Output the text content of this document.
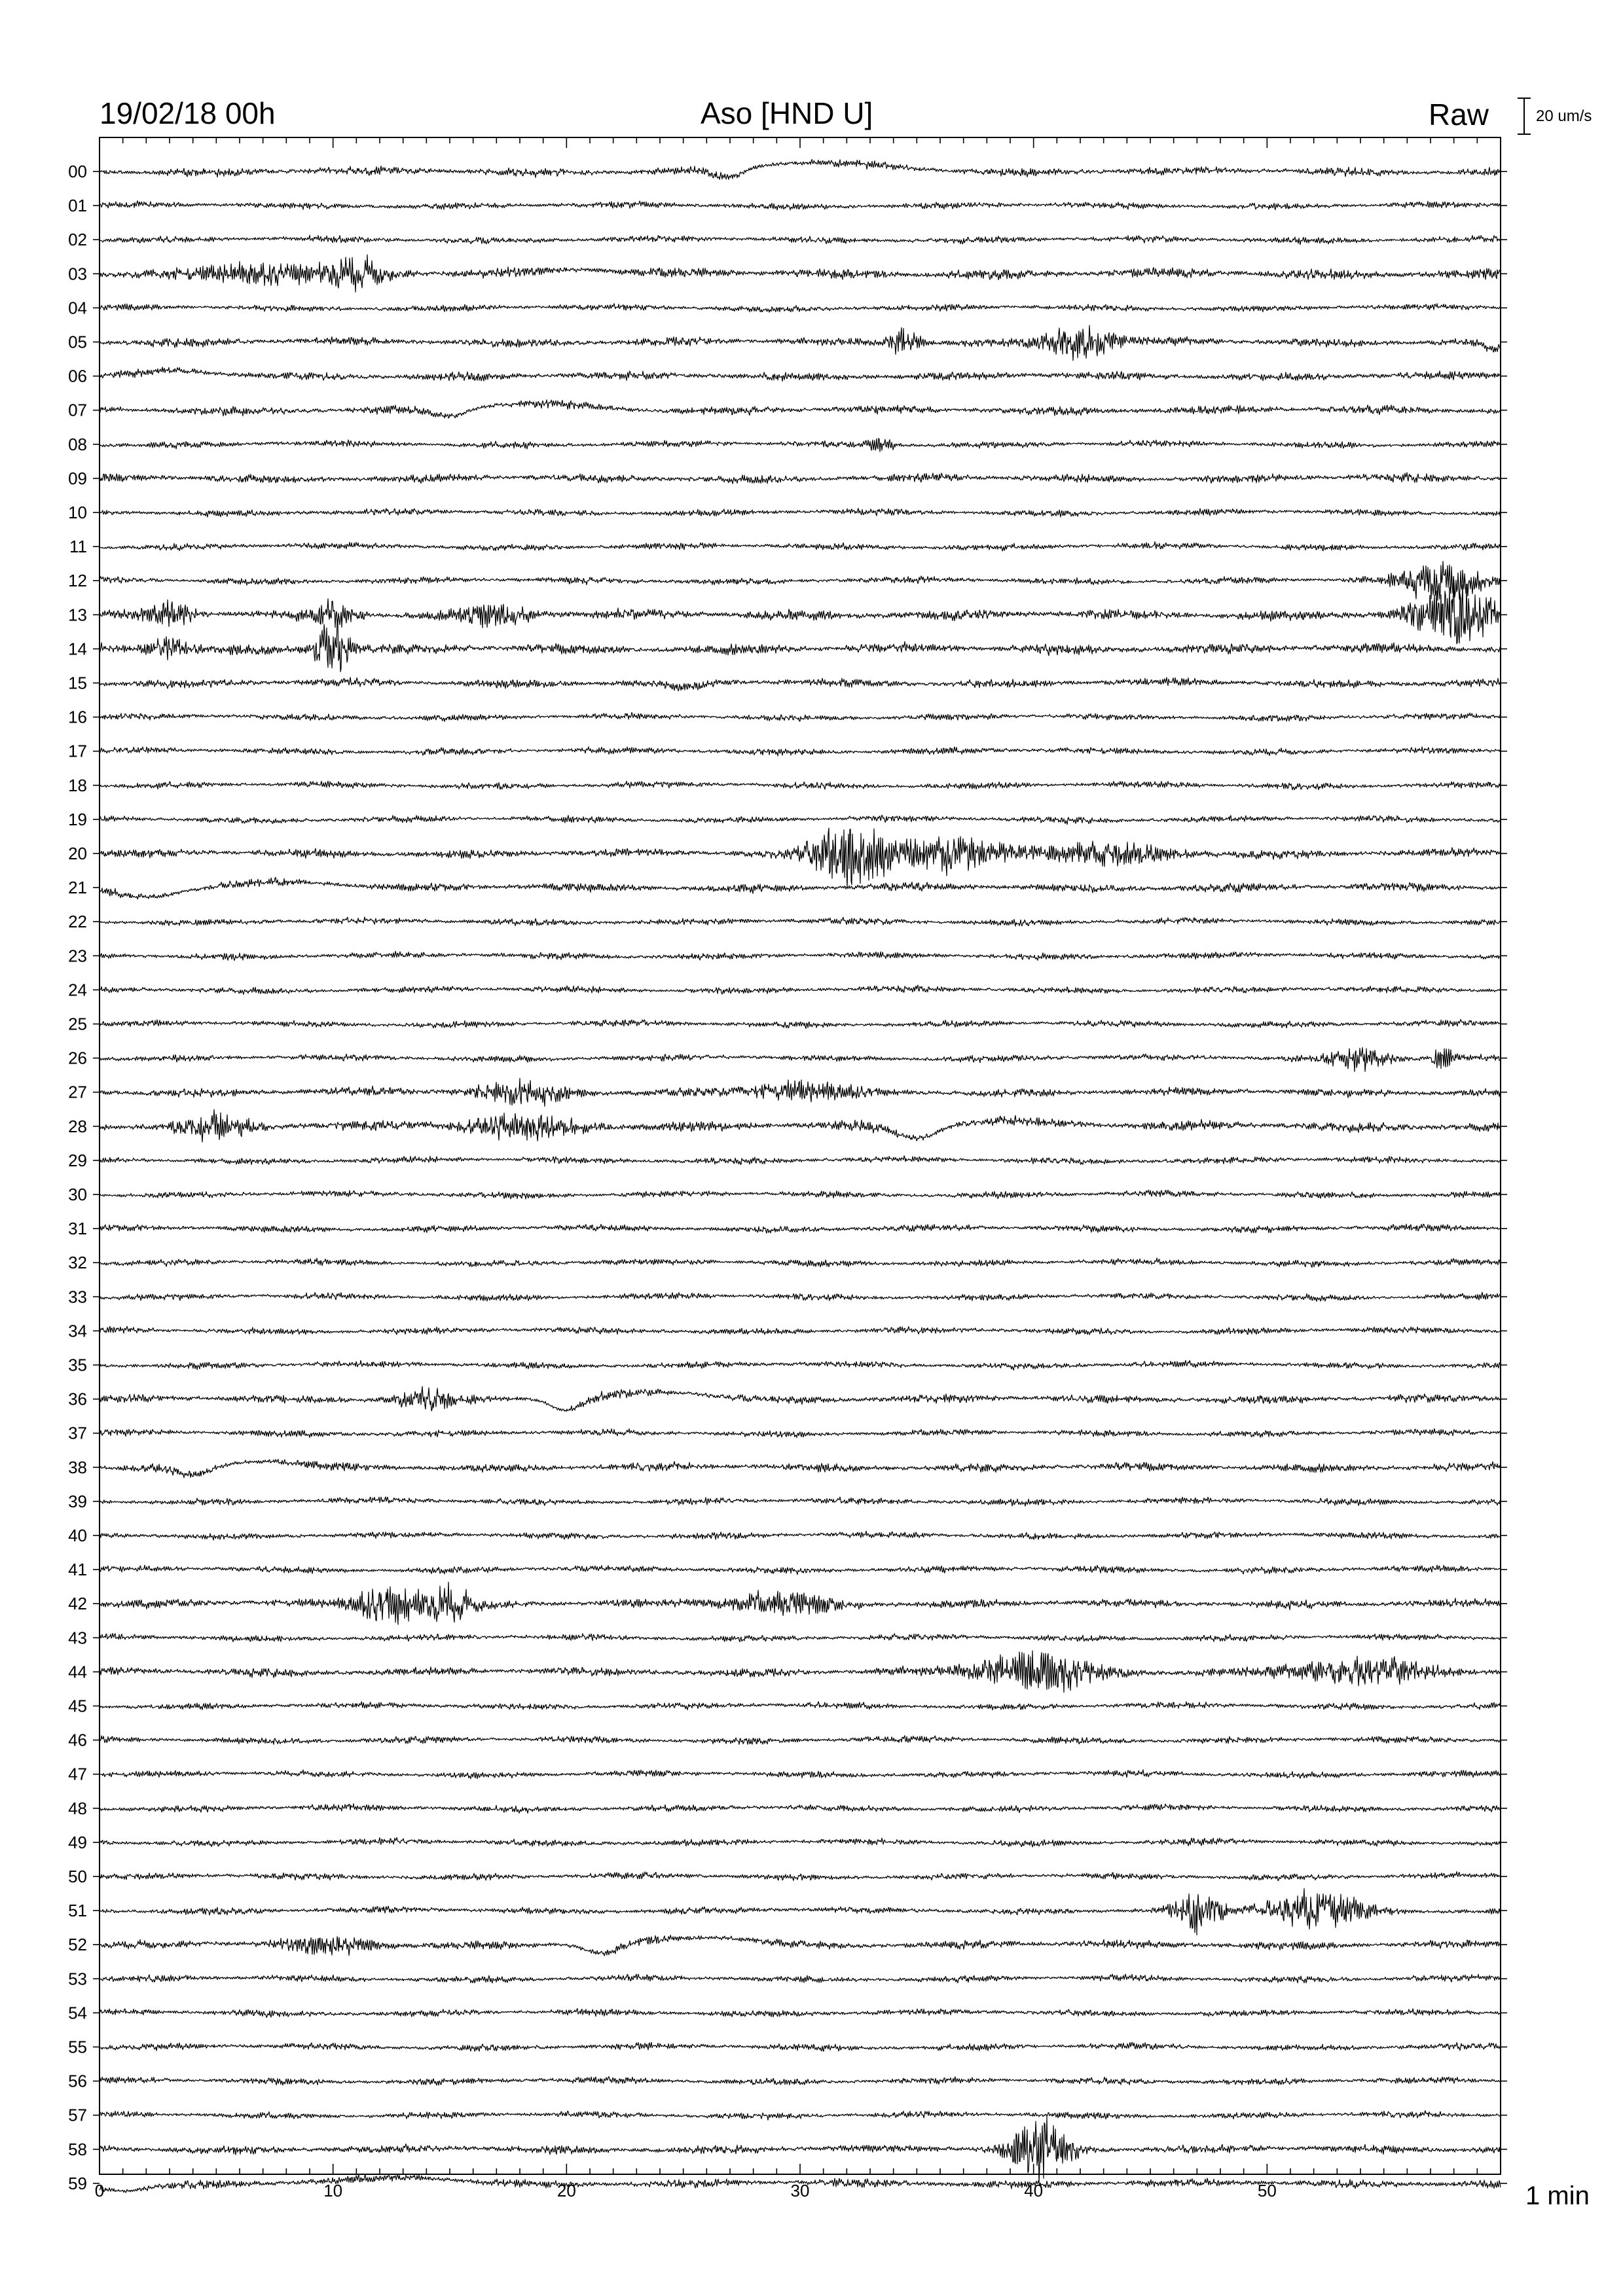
00
01
02
03
04
05
06
07
08
09
10
11
12
13
14
15
16
17
18
19
20
21
22
23
24
25
26
27
28
29
30
31
32
33
34
35
36
37
38
39
40
41
42
43
44
45
46
47
48
49
50
51
52
53
54
55
56
57
58
59 0	10	20	30	40	50
19/02/18 00h	Aso [HND U]	Raw	20 um/s
1 min
